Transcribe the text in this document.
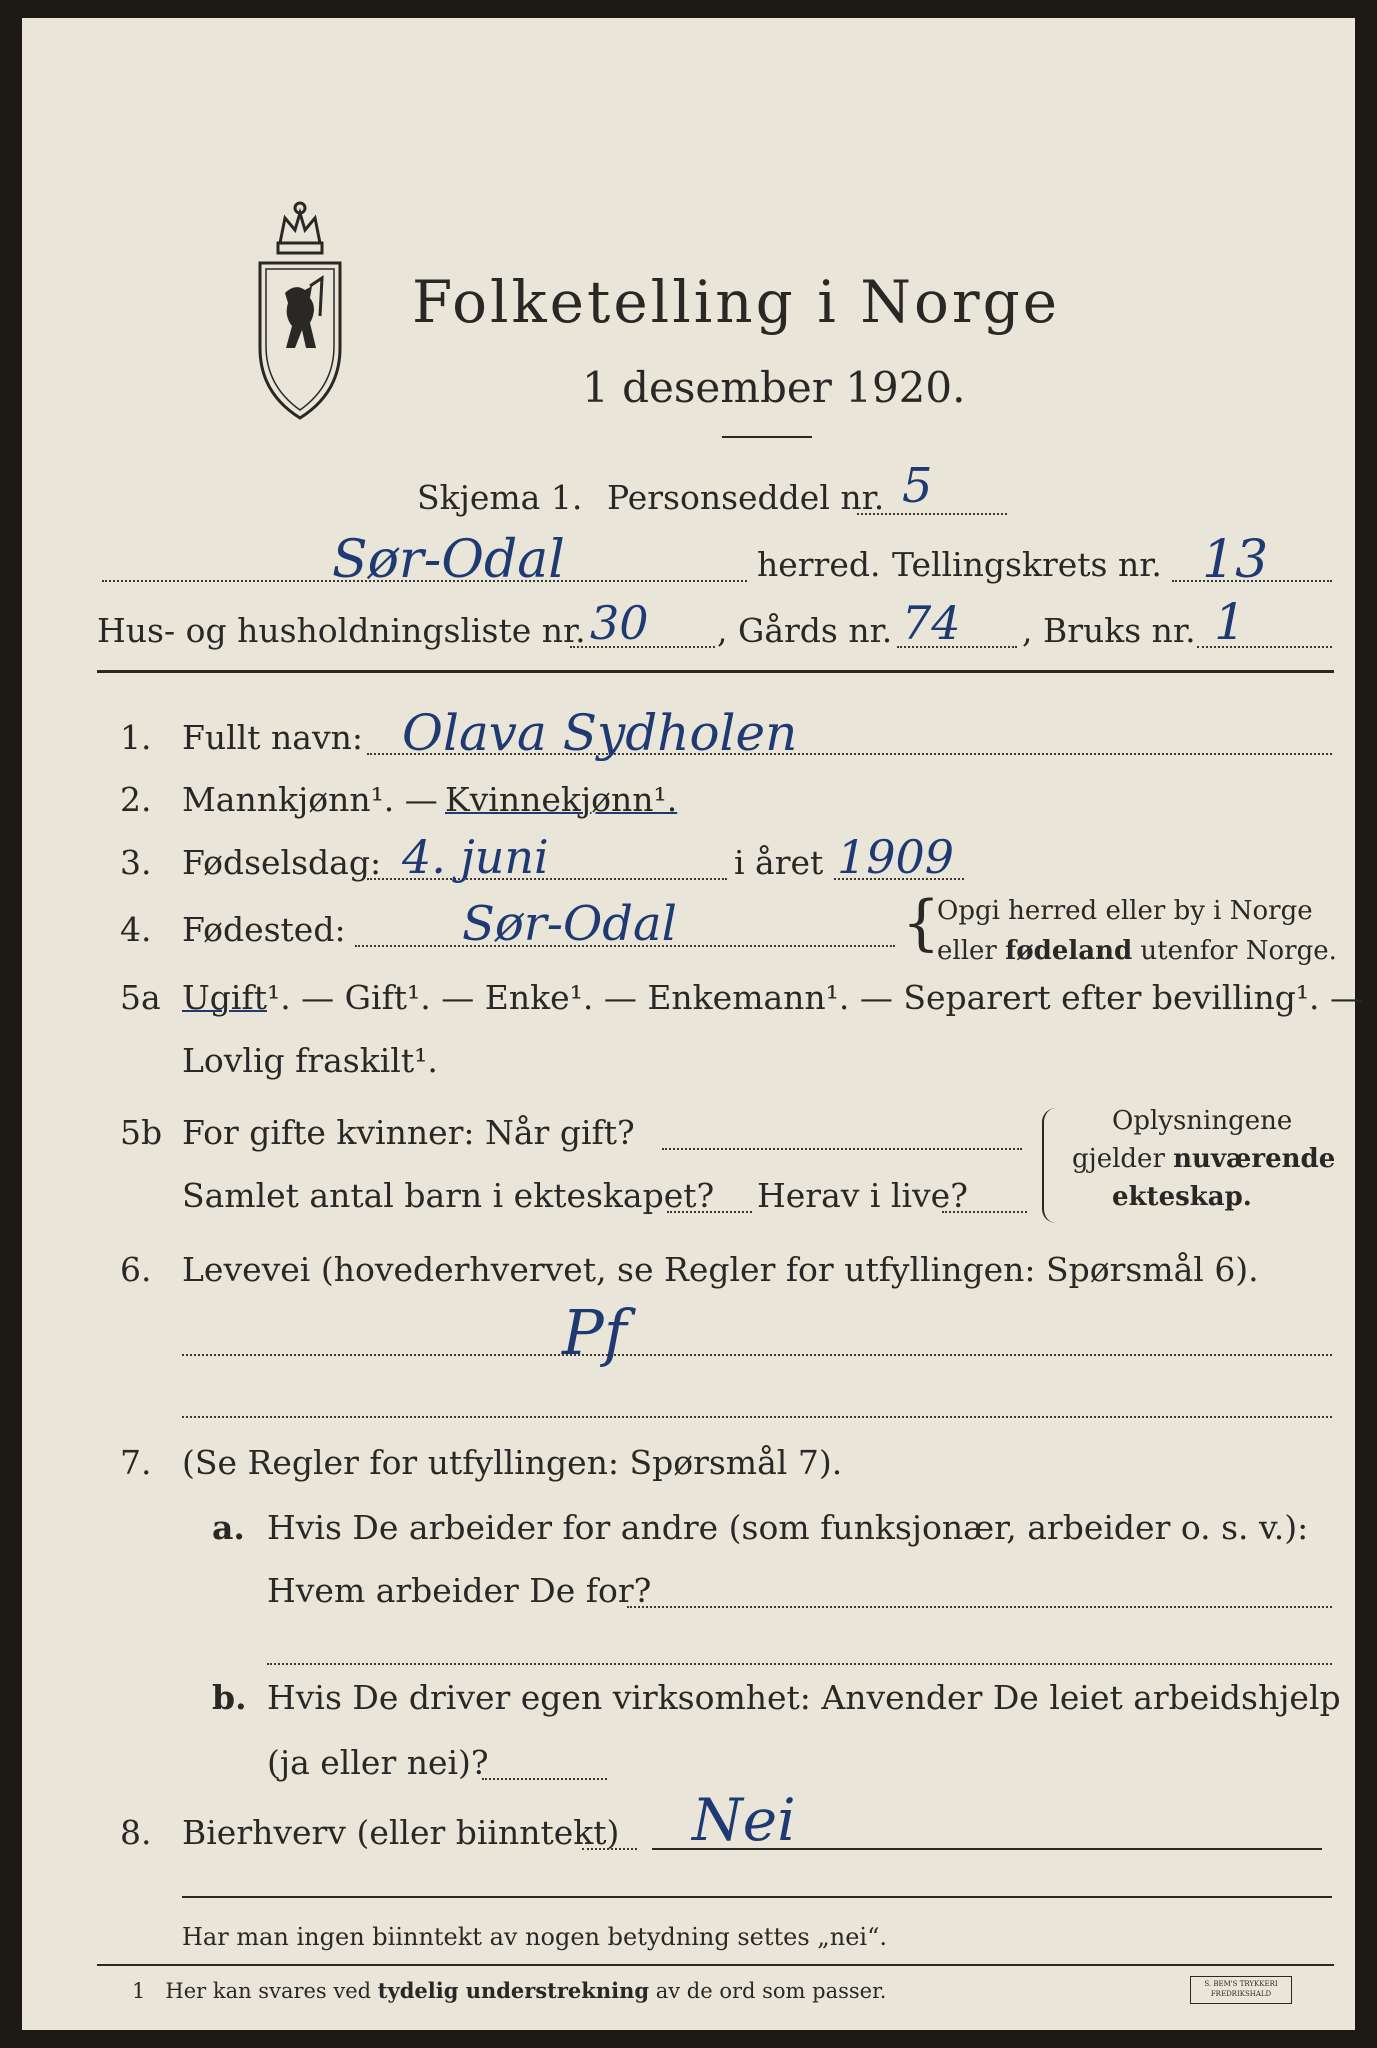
Folketelling i Norge
1 desember 1920.
Skjema 1. Personseddel nr. 5
Sør-Odal	herred. Tellingskrets nr. 13
Hus- og husholdningsliste nr. 30 , Gårds nr. 74 , Bruks nr. 1
1. Fullt navn: Olava Sydholen
2. Mannkjønn¹. — Kvinnekjønn¹.
3. Fødselsdag: 4. juni	i året 1909
4. Fødested: Sør-Odal	{
Opgi herred eller by i Norge
eller fødeland utenfor Norge.
5a Ugift¹. — Gift¹. — Enke¹. — Enkemann¹. — Separert efter bevilling¹. —
Lovlig fraskilt¹.
5b For gifte kvinner: Når gift?
Samlet antal barn i ekteskapet? Herav i live?
Oplysningene
gjelder nuværende
ekteskap.
6. Levevei (hovederhvervet, se Regler for utfyllingen: Spørsmål 6).
Pf
7. (Se Regler for utfyllingen: Spørsmål 7).
a. Hvis De arbeider for andre (som funksjonær, arbeider o. s. v.):
Hvem arbeider De for?
b. Hvis De driver egen virksomhet: Anvender De leiet arbeidshjelp
(ja eller nei)?
8. Bierhverv (eller biinntekt) Nei
Har man ingen biinntekt av nogen betydning settes „nei“.
1 Her kan svares ved tydelig understrekning av de ord som passer.	S. BEM'S TRYKKERI
FREDRIKSHALD
